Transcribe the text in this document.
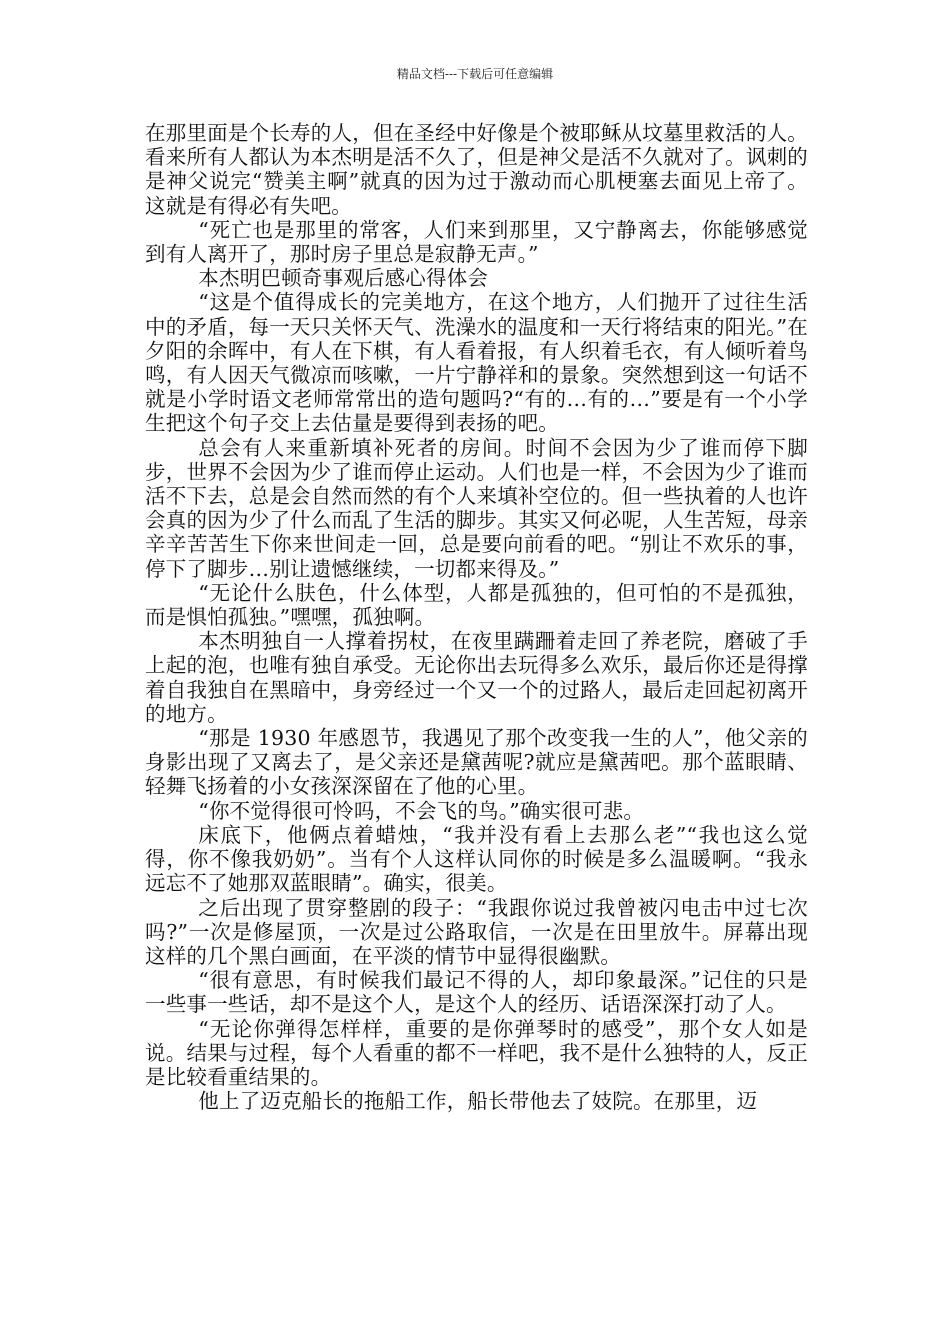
精品文档---下载后可任意编辑

在那里面是个长寿的人，但在圣经中好像是个被耶稣从坟墓里救活的人。看来所有人都认为本杰明是活不久了，但是神父是活不久就对了。讽刺的是神父说完“赞美主啊”就真的因为过于激动而心肌梗塞去面见上帝了。这就是有得必有失吧。

“死亡也是那里的常客，人们来到那里，又宁静离去，你能够感觉到有人离开了，那时房子里总是寂静无声。”

本杰明巴顿奇事观后感心得体会

“这是个值得成长的完美地方，在这个地方，人们抛开了过往生活中的矛盾，每一天只关怀天气、洗澡水的温度和一天行将结束的阳光。”在夕阳的余晖中，有人在下棋，有人看着报，有人织着毛衣，有人倾听着鸟鸣，有人因天气微凉而咳嗽，一片宁静祥和的景象。突然想到这一句话不就是小学时语文老师常常出的造句题吗?“有的…有的…”要是有一个小学生把这个句子交上去估量是要得到表扬的吧。

总会有人来重新填补死者的房间。时间不会因为少了谁而停下脚步，世界不会因为少了谁而停止运动。人们也是一样，不会因为少了谁而活不下去，总是会自然而然的有个人来填补空位的。但一些执着的人也许会真的因为少了什么而乱了生活的脚步。其实又何必呢，人生苦短，母亲辛辛苦苦生下你来世间走一回，总是要向前看的吧。“别让不欢乐的事，停下了脚步…别让遗憾继续，一切都来得及。”

“无论什么肤色，什么体型，人都是孤独的，但可怕的不是孤独，而是惧怕孤独。”嘿嘿，孤独啊。

本杰明独自一人撑着拐杖，在夜里蹒跚着走回了养老院，磨破了手上起的泡，也唯有独自承受。无论你出去玩得多么欢乐，最后你还是得撑着自我独自在黑暗中，身旁经过一个又一个的过路人，最后走回起初离开的地方。

“那是 1930 年感恩节，我遇见了那个改变我一生的人”，他父亲的身影出现了又离去了，是父亲还是黛茜呢?就应是黛茜吧。那个蓝眼睛、轻舞飞扬着的小女孩深深留在了他的心里。

“你不觉得很可怜吗，不会飞的鸟。”确实很可悲。

床底下，他俩点着蜡烛，“我并没有看上去那么老”“我也这么觉得，你不像我奶奶”。当有个人这样认同你的时候是多么温暖啊。“我永远忘不了她那双蓝眼睛”。确实，很美。

之后出现了贯穿整剧的段子：“我跟你说过我曾被闪电击中过七次吗?”一次是修屋顶，一次是过公路取信，一次是在田里放牛。屏幕出现这样的几个黑白画面，在平淡的情节中显得很幽默。

“很有意思，有时候我们最记不得的人，却印象最深。”记住的只是一些事一些话，却不是这个人，是这个人的经历、话语深深打动了人。

“无论你弹得怎样样，重要的是你弹琴时的感受”，那个女人如是说。结果与过程，每个人看重的都不一样吧，我不是什么独特的人，反正是比较看重结果的。

他上了迈克船长的拖船工作，船长带他去了妓院。在那里，迈
